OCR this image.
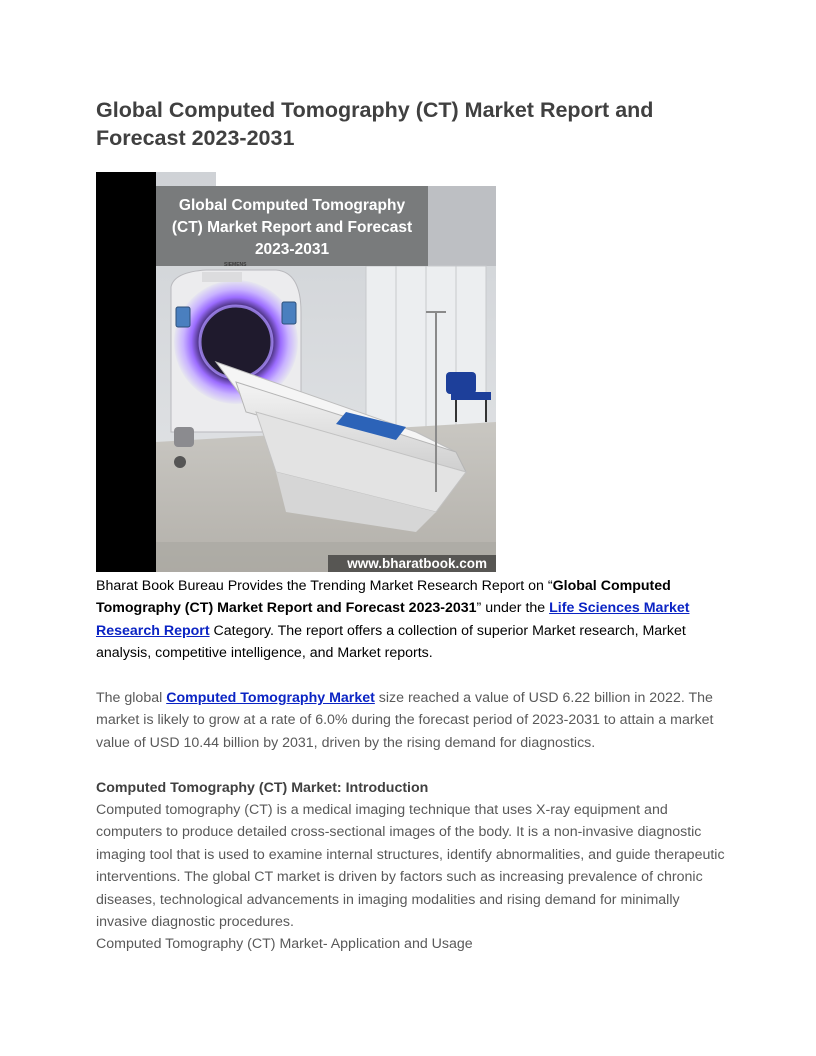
Global Computed Tomography (CT) Market Report and Forecast 2023-2031
Global Computed Tomography
(CT) Market Report and Forecast
2023-2031
SIEMENS
www.bharatbook.com

Bharat Book Bureau Provides the Trending Market Research Report on “Global Computed Tomography (CT) Market Report and Forecast 2023-2031” under the Life Sciences Market Research Report Category. The report offers a collection of superior Market research, Market analysis, competitive intelligence, and Market reports.

The global Computed Tomography Market size reached a value of USD 6.22 billion in 2022. The market is likely to grow at a rate of 6.0% during the forecast period of 2023-2031 to attain a market value of USD 10.44 billion by 2031, driven by the rising demand for diagnostics.

Computed Tomography (CT) Market: Introduction

Computed tomography (CT) is a medical imaging technique that uses X-ray equipment and computers to produce detailed cross-sectional images of the body. It is a non-invasive diagnostic imaging tool that is used to examine internal structures, identify abnormalities, and guide therapeutic interventions. The global CT market is driven by factors such as increasing prevalence of chronic diseases, technological advancements in imaging modalities and rising demand for minimally invasive diagnostic procedures.

Computed Tomography (CT) Market- Application and Usage
